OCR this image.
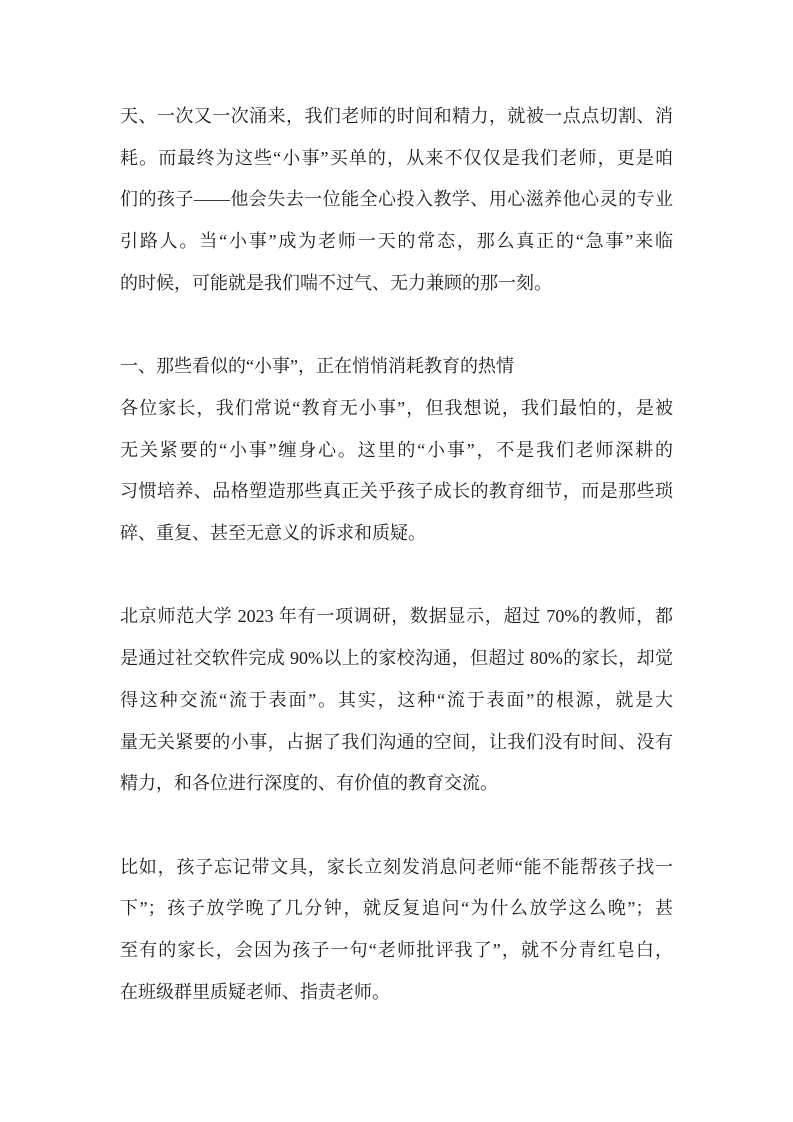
天、一次又一次涌来，我们老师的时间和精力，就被一点点切割、消
耗。而最终为这些“小事”买单的，从来不仅仅是我们老师，更是咱
们的孩子——他会失去一位能全心投入教学、用心滋养他心灵的专业
引路人。当“小事”成为老师一天的常态，那么真正的“急事”来临
的时候，可能就是我们喘不过气、无力兼顾的那一刻。
一、那些看似的“小事”，正在悄悄消耗教育的热情
各位家长，我们常说“教育无小事”，但我想说，我们最怕的，是被
无关紧要的“小事”缠身心。这里的“小事”，不是我们老师深耕的
习惯培养、品格塑造那些真正关乎孩子成长的教育细节，而是那些琐
碎、重复、甚至无意义的诉求和质疑。
北京师范大学 2023 年有一项调研，数据显示，超过 70%的教师，都
是通过社交软件完成 90%以上的家校沟通，但超过 80%的家长，却觉
得这种交流“流于表面”。其实，这种“流于表面”的根源，就是大
量无关紧要的小事，占据了我们沟通的空间，让我们没有时间、没有
精力，和各位进行深度的、有价值的教育交流。
比如，孩子忘记带文具，家长立刻发消息问老师“能不能帮孩子找一
下”；孩子放学晚了几分钟，就反复追问“为什么放学这么晚”；甚
至有的家长，会因为孩子一句“老师批评我了”，就不分青红皂白，
在班级群里质疑老师、指责老师。
